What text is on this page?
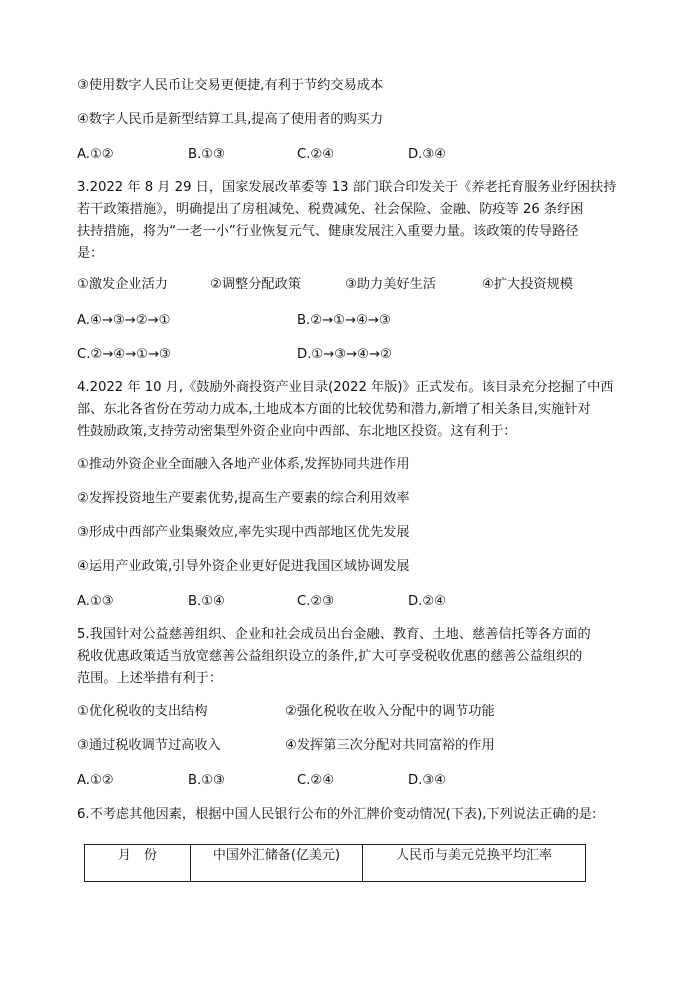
③使用数字人民币让交易更便捷,有利于节约交易成本
④数字人民币是新型结算工具,提高了使用者的购买力
A.①②	B.①③	C.②④	D.③④
3.2022 年 8 月 29 日，国家发展改革委等 13 部门联合印发关于《养老托育服务业纾困扶持
若干政策措施》，明确提出了房租减免、税费减免、社会保险、金融、防疫等 26 条纾困
扶持措施，将为“一老一小”行业恢复元气、健康发展注入重要力量。该政策的传导路径
是：
①激发企业活力	②调整分配政策	③助力美好生活	④扩大投资规模
A.④→③→②→①	B.②→①→④→③
C.②→④→①→③	D.①→③→④→②
4.2022 年 10 月,《鼓励外商投资产业目录(2022 年版)》正式发布。该目录充分挖掘了中西
部、东北各省份在劳动力成本,土地成本方面的比较优势和潜力,新增了相关条目,实施针对
性鼓励政策,支持劳动密集型外资企业向中西部、东北地区投资。这有利于：
①推动外资企业全面融入各地产业体系,发挥协同共进作用
②发挥投资地生产要素优势,提高生产要素的综合利用效率
③形成中西部产业集聚效应,率先实现中西部地区优先发展
④运用产业政策,引导外资企业更好促进我国区域协调发展
A.①③	B.①④	C.②③	D.②④
5.我国针对公益慈善组织、企业和社会成员出台金融、教育、土地、慈善信托等各方面的
税收优惠政策适当放宽慈善公益组织设立的条件,扩大可享受税收优惠的慈善公益组织的
范围。上述举措有利于：
①优化税收的支出结构	②强化税收在收入分配中的调节功能
③通过税收调节过高收入	④发挥第三次分配对共同富裕的作用
A.①②	B.①③	C.②④	D.③④
6.不考虑其他因素，根据中国人民银行公布的外汇牌价变动情况(下表),下列说法正确的是:
月　份	中国外汇储备(亿美元)	人民币与美元兑换平均汇率
